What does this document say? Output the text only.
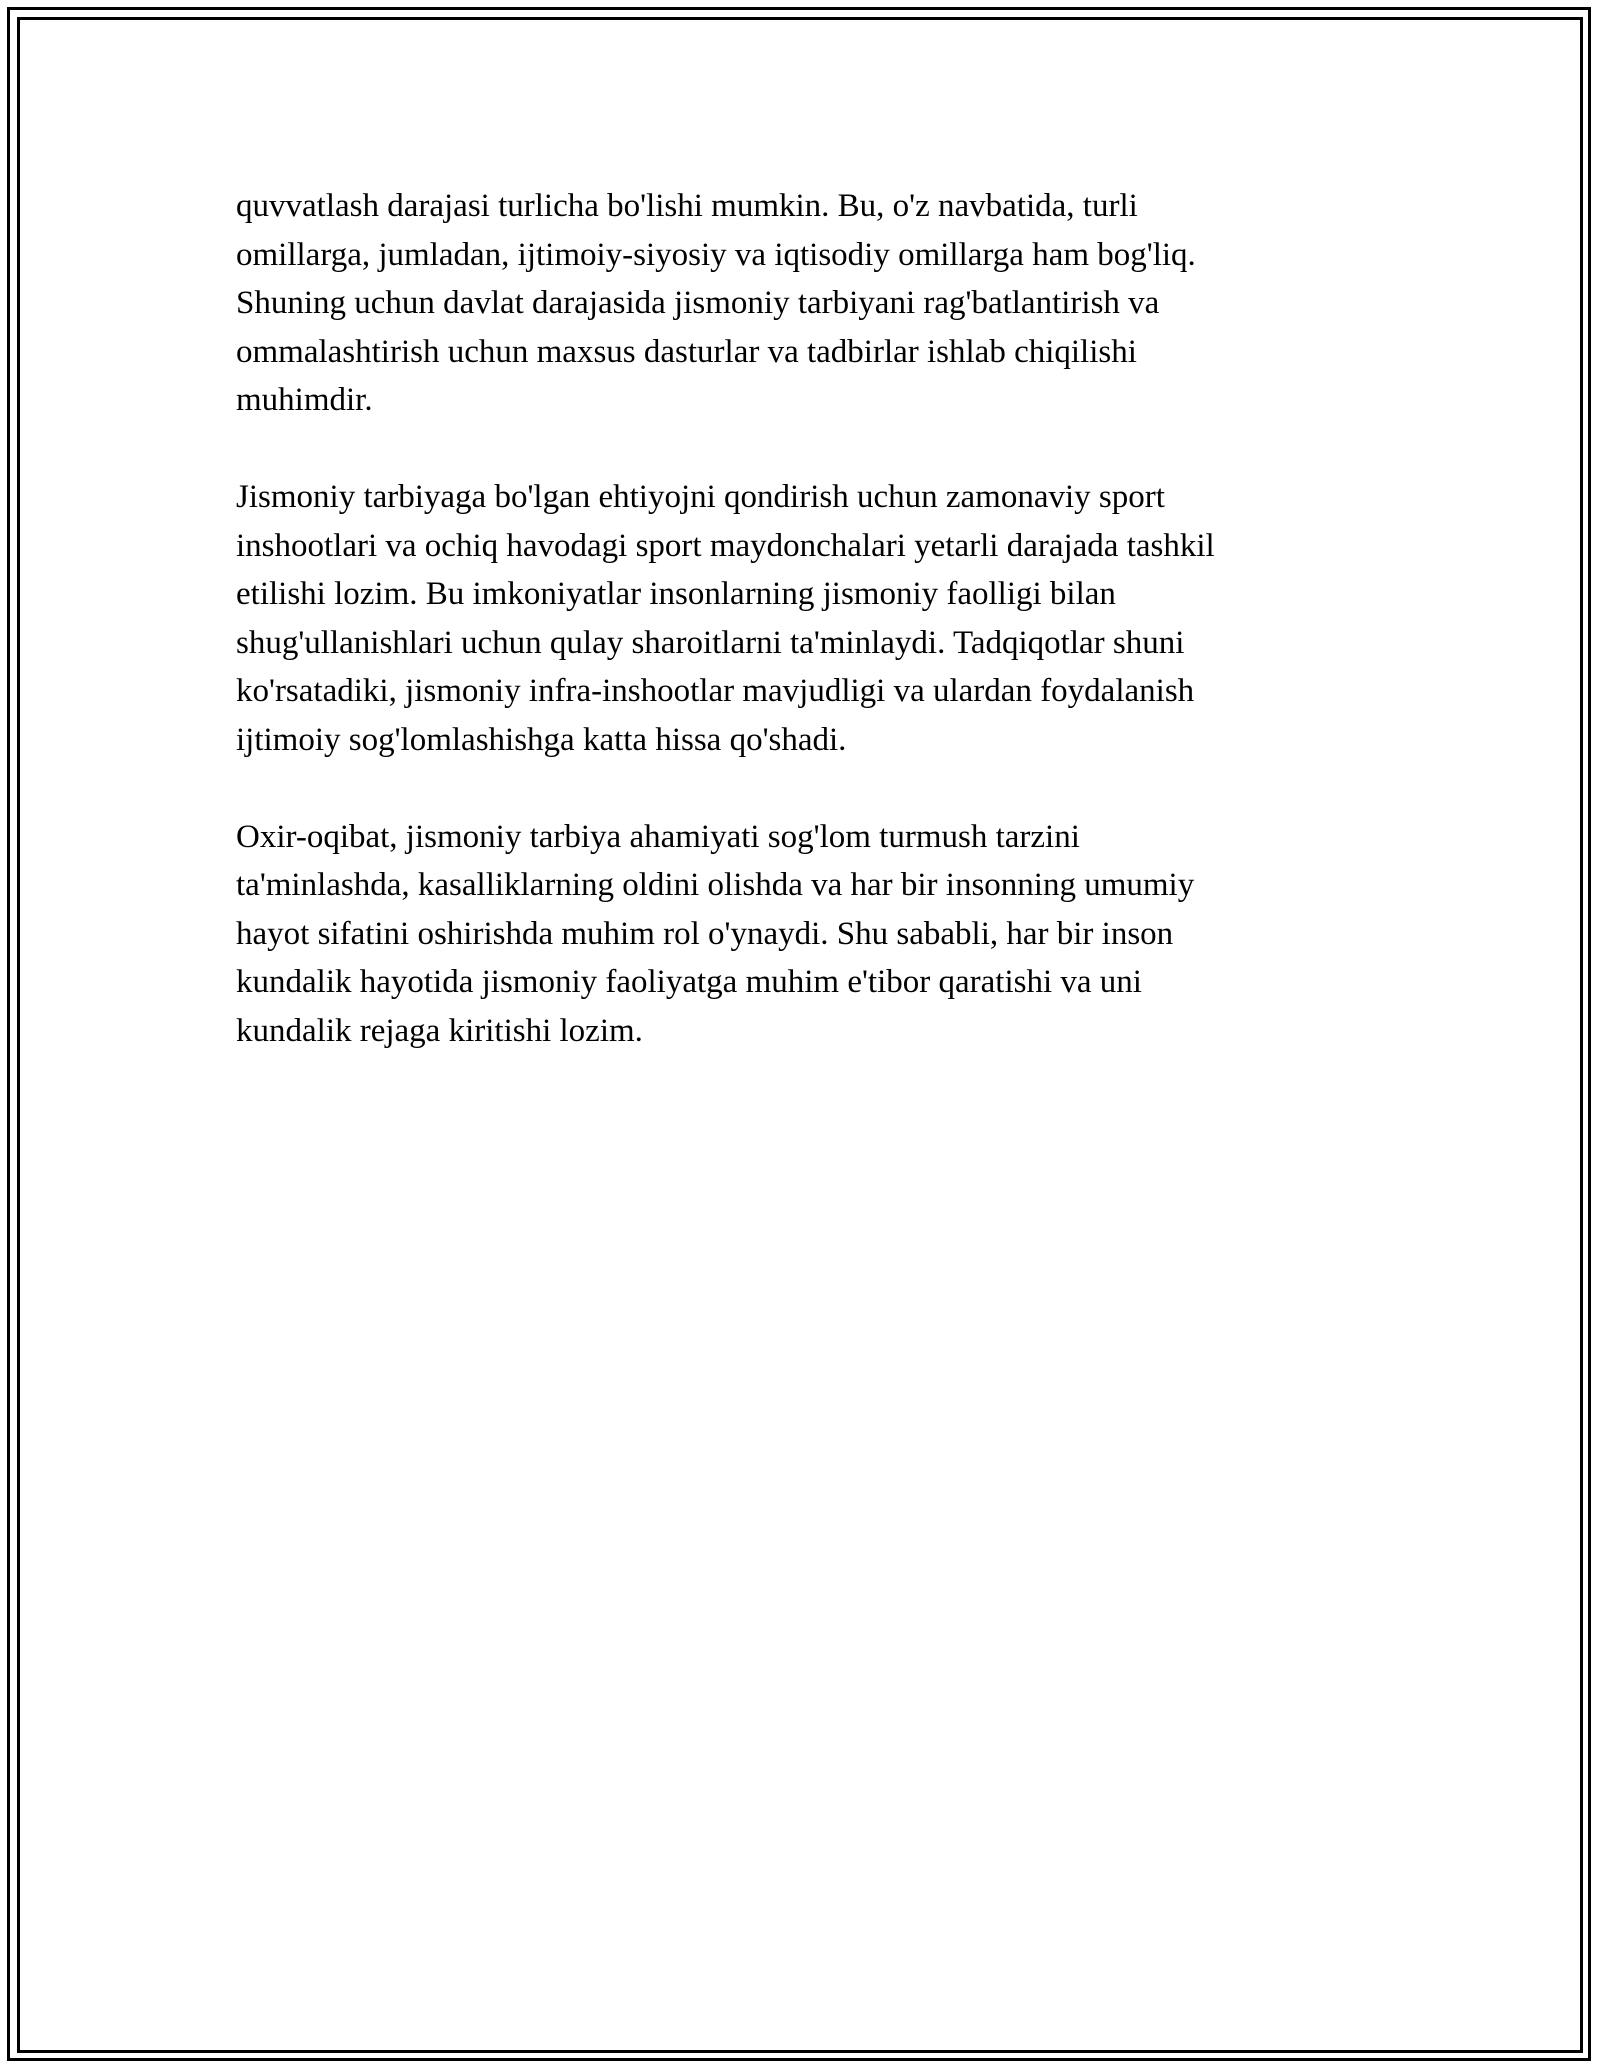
quvvatlash darajasi turlicha bo'lishi mumkin. Bu, o'z navbatida, turli
omillarga, jumladan, ijtimoiy-siyosiy va iqtisodiy omillarga ham bog'liq.
Shuning uchun davlat darajasida jismoniy tarbiyani rag'batlantirish va
ommalashtirish uchun maxsus dasturlar va tadbirlar ishlab chiqilishi
muhimdir.

Jismoniy tarbiyaga bo'lgan ehtiyojni qondirish uchun zamonaviy sport
inshootlari va ochiq havodagi sport maydonchalari yetarli darajada tashkil
etilishi lozim. Bu imkoniyatlar insonlarning jismoniy faolligi bilan
shug'ullanishlari uchun qulay sharoitlarni ta'minlaydi. Tadqiqotlar shuni
ko'rsatadiki, jismoniy infra-inshootlar mavjudligi va ulardan foydalanish
ijtimoiy sog'lomlashishga katta hissa qo'shadi.

Oxir-oqibat, jismoniy tarbiya ahamiyati sog'lom turmush tarzini
ta'minlashda, kasalliklarning oldini olishda va har bir insonning umumiy
hayot sifatini oshirishda muhim rol o'ynaydi. Shu sababli, har bir inson
kundalik hayotida jismoniy faoliyatga muhim e'tibor qaratishi va uni
kundalik rejaga kiritishi lozim.
